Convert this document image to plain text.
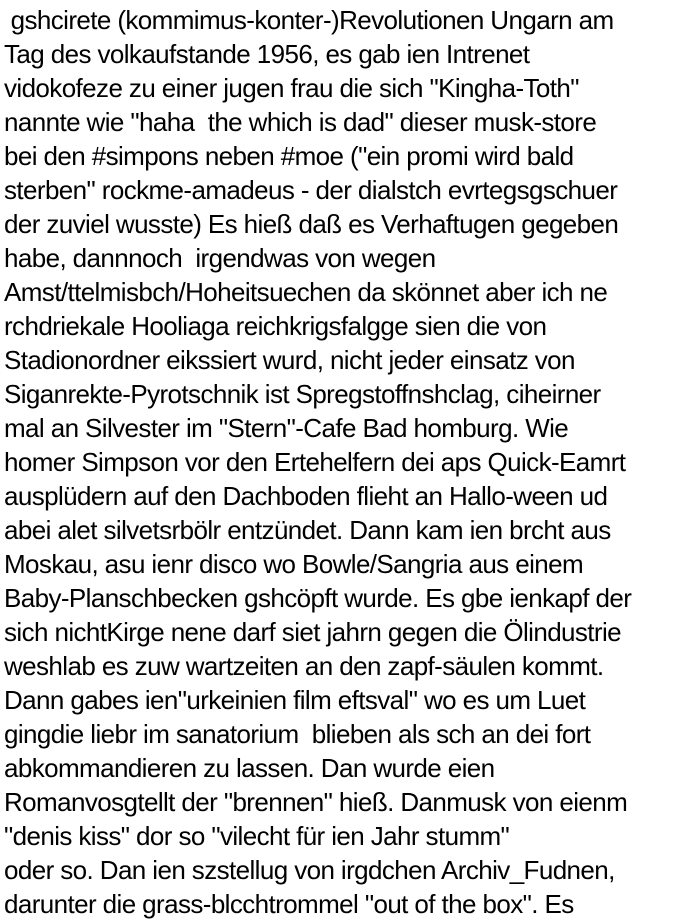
gshcirete (kommimus-konter-)Revolutionen Ungarn am
Tag des volkaufstande 1956, es gab ien Intrenet
vidokofeze zu einer jugen frau die sich "Kingha-Toth"
nannte wie "haha  the which is dad" dieser musk-store
bei den #simpons neben #moe ("ein promi wird bald
sterben" rockme-amadeus - der dialstch evrtegsgschuer
der zuviel wusste) Es hieß daß es Verhaftugen gegeben
habe, dannnoch  irgendwas von wegen
Amst/ttelmisbch/Hoheitsuechen da skönnet aber ich ne
rchdriekale Hooliaga reichkrigsfalgge sien die von
Stadionordner eikssiert wurd, nicht jeder einsatz von
Siganrekte-Pyrotschnik ist Spregstoffnshclag, ciheirner
mal an Silvester im "Stern"-Cafe Bad homburg. Wie
homer Simpson vor den Ertehelfern dei aps Quick-Eamrt
ausplüdern auf den Dachboden flieht an Hallo-ween ud
abei alet silvetsrbölr entzündet. Dann kam ien brcht aus
Moskau, asu ienr disco wo Bowle/Sangria aus einem
Baby-Planschbecken gshcöpft wurde. Es gbe ienkapf der
sich nichtKirge nene darf siet jahrn gegen die Ölindustrie
weshlab es zuw wartzeiten an den zapf-säulen kommt.
Dann gabes ien"urkeinien film eftsval" wo es um Luet
gingdie liebr im sanatorium  blieben als sch an dei fort
abkommandieren zu lassen. Dan wurde eien
Romanvosgtellt der "brennen" hieß. Danmusk von eienm
"denis kiss" dor so "vilecht für ien Jahr stumm"
oder so. Dan ien szstellug von irgdchen Archiv_Fudnen,
darunter die grass-blcchtrommel "out of the box". Es
